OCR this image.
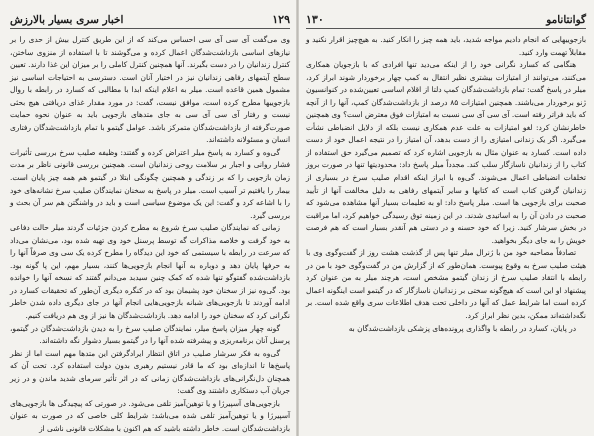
۱۲۹
اخبار سری بسیار بالارزش

وی می‌گفت آی سی آی سی احساس می‌کند که از این طریق کنترل بیش از حدی را بر نیازهای اساسی بازداشت‌شدگان اعمال کرده و می‌گوشند تا با استفاده از منزوی ساختن، کنترل زندانیان را در دست بگیرند. آنها همچنین کنترل کاملی را بر میزان این غذا دارند. تعیین سطح آیتمهای رفاهی زندانیان نیز در اختیار آنان است. دسترسی به احتیاجات اساسی نیز مشمول همین قاعده است. میلر به اعلام اینکه ابدا با مطالبی که کسارد در رابطه با روال بازجوییها مطرح کرده است، موافق نیست، گفت: در مورد مقدار غذای دریافتی هیچ بحثی نیست و رفتار آی سی آی سی به جای متدهای بازجویی باید به عنوان نحوه حمایت صورت‌گرفته از بازداشت‌شدگان متمرکز باشد. عوامل گیتمو با تمام بازداشت‌شدگان رفتاری انسان و مسئولانه داشته‌اند.

گی‌وه و کسارد به پاسخ میلر اعتراض کرده و گفتند: وظیفه صلیب سرخ بررسی تأثیرات فشار روانی و اجبار بر سلامت روحی زندانیان است. همچنین بررسی قانونی ناظر بر مدت زمان بازجویی را که بر زندگی و همچنین چگونگی ابتلا در گیتمو هم همه چیز پایان است. بیمار را یافتیم تر آسیب است. میلر در پاسخ به سخنان نمایندگان صلیب سرخ نشانه‌های خود را با اشاعه کرد و گفت: این یک موضوع سیاسی است و باید در واشنگتن هم سر آن بحث و بررسی گیرد.

زمانی که نمایندگان صلیب سرخ شروع به مطرح کردن جزئیات گردند میلر حالت دفاعی به خود گرفت و خلاصه مذاکرات گه توسط پرسنل خود وی تهیه شده بود، می‌نشان می‌داد که سرعت در رابطه با سیستمی که خود این دیدگاه را مطرح کرده یک سی وی صرفاً آنها را به حرفها پایان دهد و دوباره به آنها انجام بازجویی‌ها کنند، بسیار مهم، این پا گونه بود. بازداشت‌شده گفتوگو تنها شده که کمک چنین سیدبد می‌دانم گفتند که نسخه آنها را خوانده بود. گی‌وه نیز از سخنان خود پشیمان بود که در کنگره دیگری آن‌طور که تحقیقات کسارد در ادامه آوردند تا بازجویی‌های شبانه بازجویی‌هایی انجام آنها در جای دیگری داده شدن خاطر نگرانی کرد که سخنان خود را ادامه دهد. بازداشت‌شدگان ها نیز از وی هم دریافت کنیم.

گونه چهار میزان پاسخ میلر، نمایندگان صلیب سرخ را به دیدن بازداشت‌شدگان در گیتمو، پرسنل آنان برنامه‌ریزی و پیشرفته شده آنها را در گیتمو بسیار دشوار نگه داشته‌اند.

گی‌وه به فکر سرشار صلیب در اتاق انتظار ایرادگرفتن این متدها مهم است اما از نظر پاسخ‌ها تا اندازه‌ای بود که ما قادر نیستیم رهبری بدون دولت استفاده کرد. تحت آن که همچنان دل‌نگرانی‌های بازداشت‌شدگان زمانی که در اثر تأثیر سرمای شدید ماندن و در زیر جریان آب دستکاری داشتند وی گفت:

بازجویی‌های آسپیرژا و یا توهین‌آمیز تلقی می‌شود. در صورتی که پیچیدگی ها بازجویی‌های آسپیرژا و یا توهین‌آمیز تلقی شده می‌باشد: شرایط کلی خاصی که در صورت به عنوان بازداشت‌شدگان است. خاطر داشته باشید که هم اکنون با مشکلات قانونی ناشی از

گوانتانامو
۱۳۰

بازجوییهایی که انجام دادیم مواجه شدید، باید همه چیز را انکار کنید. به هیچ‌چیز اقرار نکنید و مقابلاً تهمت وارد کنید.

هنگامی که کسارد نگرانی خود را از اینکه می‌دید تنها افرادی که با بازجویان همکاری می‌کنند، می‌توانند از امتیازات بیشتری نظیر انتقال به کمپ چهار برخوردار شوند ابراز کرد، میلر در پاسخ گفت: تمام بازداشت‌شدگان کمپ دلتا از اقلام اساسی تعیین‌شده در کنوانسیون ژنو برخوردار می‌باشند. همچنین امتیازات ۸۵ درصد از بازداشت‌شدگان کمپ، آنها را از آنچه که باید فراتر رفته است. آی سی آی سی نسبت به امتیازات فوق معترض است؟ وی همچنین خاطرنشان کرد: لغو امتیازات به علت عدم همکاری نیست بلکه از دلایل انضباطی نشأت می‌گیرد. اگر یک زندانی امتیازی را از دست بدهد، آن امتیاز را در نتیجه اعمال خود از دست داده است. کسارد به عنوان مثال به بازجویی اشاره کرد که تصمیم می‌گیرد حق استفاده از کتاب را از زندانیان ناسازگار سلب کند. مجدداً میلر پاسخ داد: محدودیتها تنها در صورت بروز تخلفات انضباطی اعمال می‌شوند. گی‌وه با ابراز اینکه اقدام صلیب سرخ در بسیاری از زندانیان گرفتن کتاب است که کتابها و سایر آیتمهای رفاهی به دلیل مخالفت آنها از تأیید صحبت برای بازجویی ها است. میلر پاسخ داد: او به تعلیمات بسیار آنها مشاهده می‌شود که صحبت در دادن آن را به اساتیدی شدند. در این زمینه توق رسیدگی خواهیم کرد، اما مراقبت در بخش سرشار کنید. زیرا که خود حسنه و در دستی هم آنقدر بسیار است که هم فرصت خویش را به جای دیگر بخواهید.

تصادفاً مصاحبه خود من با ژنرال میلر تنها پس از گذشت هشت روز از گفت‌وگوی وی با هیئت صلیب سرخ به وقوع پیوست. همان‌طور که از گزارش من در گفت‌وگوی خود با من در رابطه با انتقاد صلیب سرخ از زندان گیتمو مشخص است، هرچند میلر به من عنوان کرد پیشنهاد او این است که هیچ‌گونه سختی بر زندانیان ناسازگار که در گیتمو است اینگونه اعمال کرده است اما شرایط عمل که آنها در داخلی تحت هدف اطلاعات سری واقع شده است. بر نگه‌داشته‌اند ممکن، بدین نظر ابراز کرد.

در پایان، کسارد در رابطه با واگذاری پرونده‌های پزشکی بازداشت‌شدگان به
